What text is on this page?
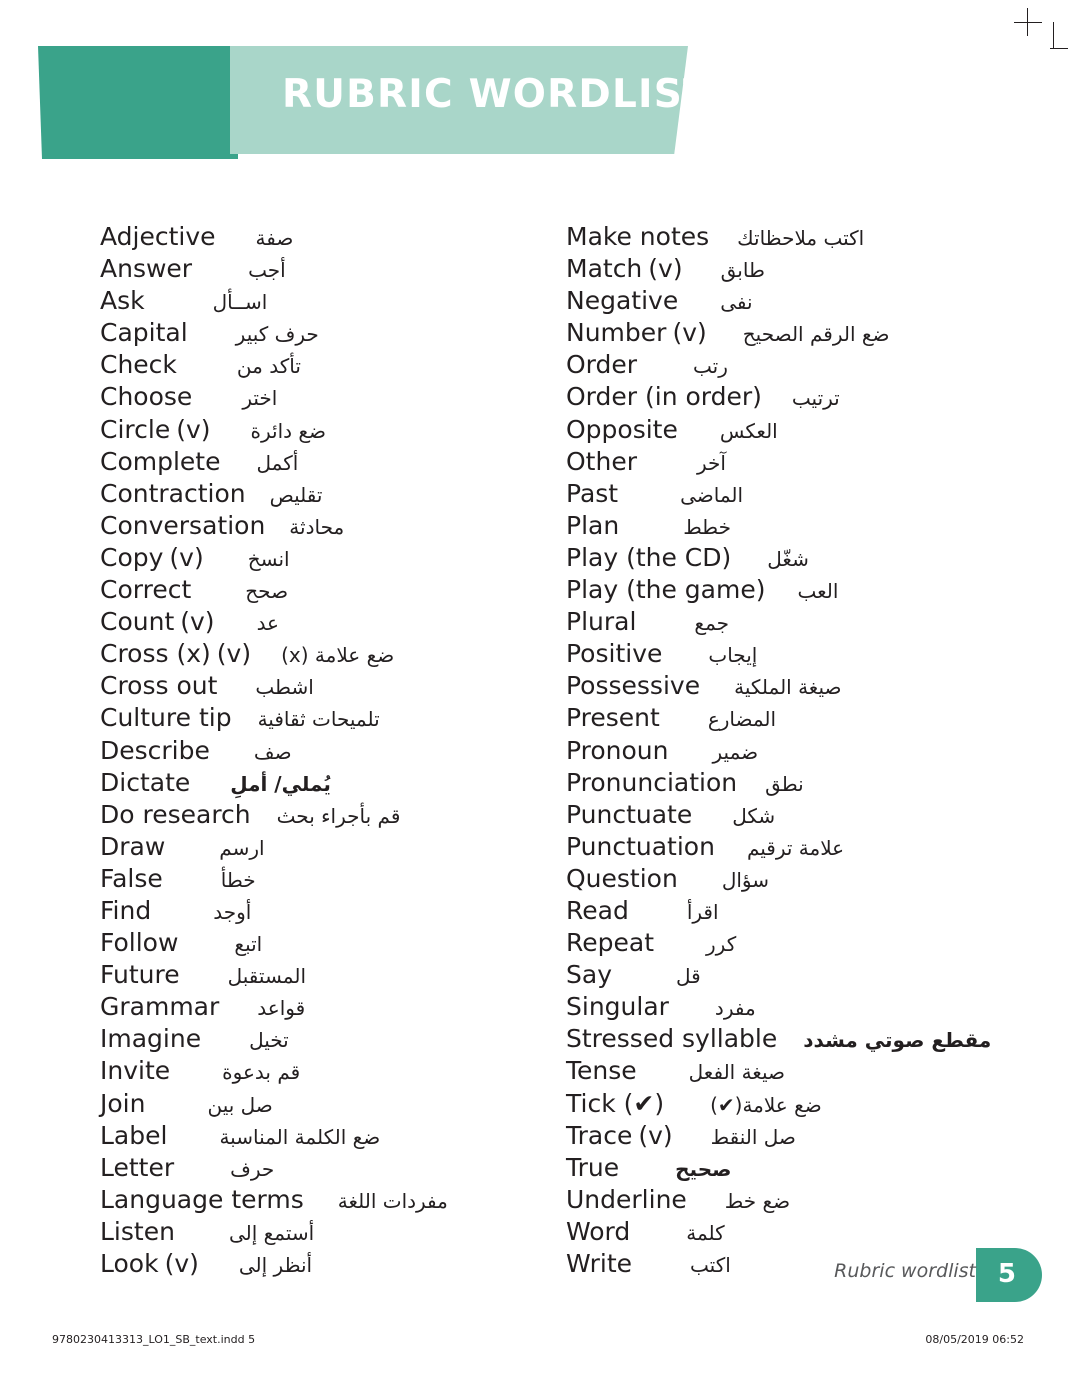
RUBRIC WORDLIST
Adjective صفة
Answer	أجب
Ask	اســأل
Capital حرف كبير
Check	تأكد من
Choose	اختر
Circle (v) ضع دائرة
Complete أكمل
Contraction تقليص
Conversation محادثة
Copy (v) انسخ
Correct	صحح
Count (v) عد
Cross (x) (v) ضع علامة (x)
Cross out اشطب
Culture tip تلميحات ثقافية
Describe صف
Dictate يُملي/ أملِ
Do research قم بأجراء بحث
Draw	ارسم
False	خطأ
Find	أوجد
Follow	اتبع
Future المستقبل
Grammar قواعد
Imagine تخيل
Invite	قم بدعوة
Join	صل بين
Label	ضع الكلمة المناسبة
Letter	حرف
Language terms مفردات اللغة
Listen	أستمع إلى
Look (v) أنظر إلى
Make notes اكتب ملاحظاتك
Match (v) طابق
Negative نفى
Number (v) ضع الرقم الصحيح
Order	رتب
Order (in order) ترتيب
Opposite العكس
Other	آخر
Past	الماضى
Plan	خطط
Play (the CD) شغّل
Play (the game) العب
Plural	جمع
Positive إيجاب
Possessive صيغة الملكية
Present المضارع
Pronoun ضمير
Pronunciation نطق
Punctuate شكل
Punctuation علامة ترقيم
Question سؤال
Read	اقرأ
Repeat	كرر
Say	قل
Singular مفرد
Stressed syllable مقطع صوتي مشدد
Tense	صيغة الفعل
Tick (✔) ضع علامة(✔)
Trace (v) صل النقط
True	صحيح
Underline ضع خط
Word	كلمة
Write	اكتب	Rubric wordlist 5
9780230413313_LO1_SB_text.indd 5	08/05/2019 06:52
